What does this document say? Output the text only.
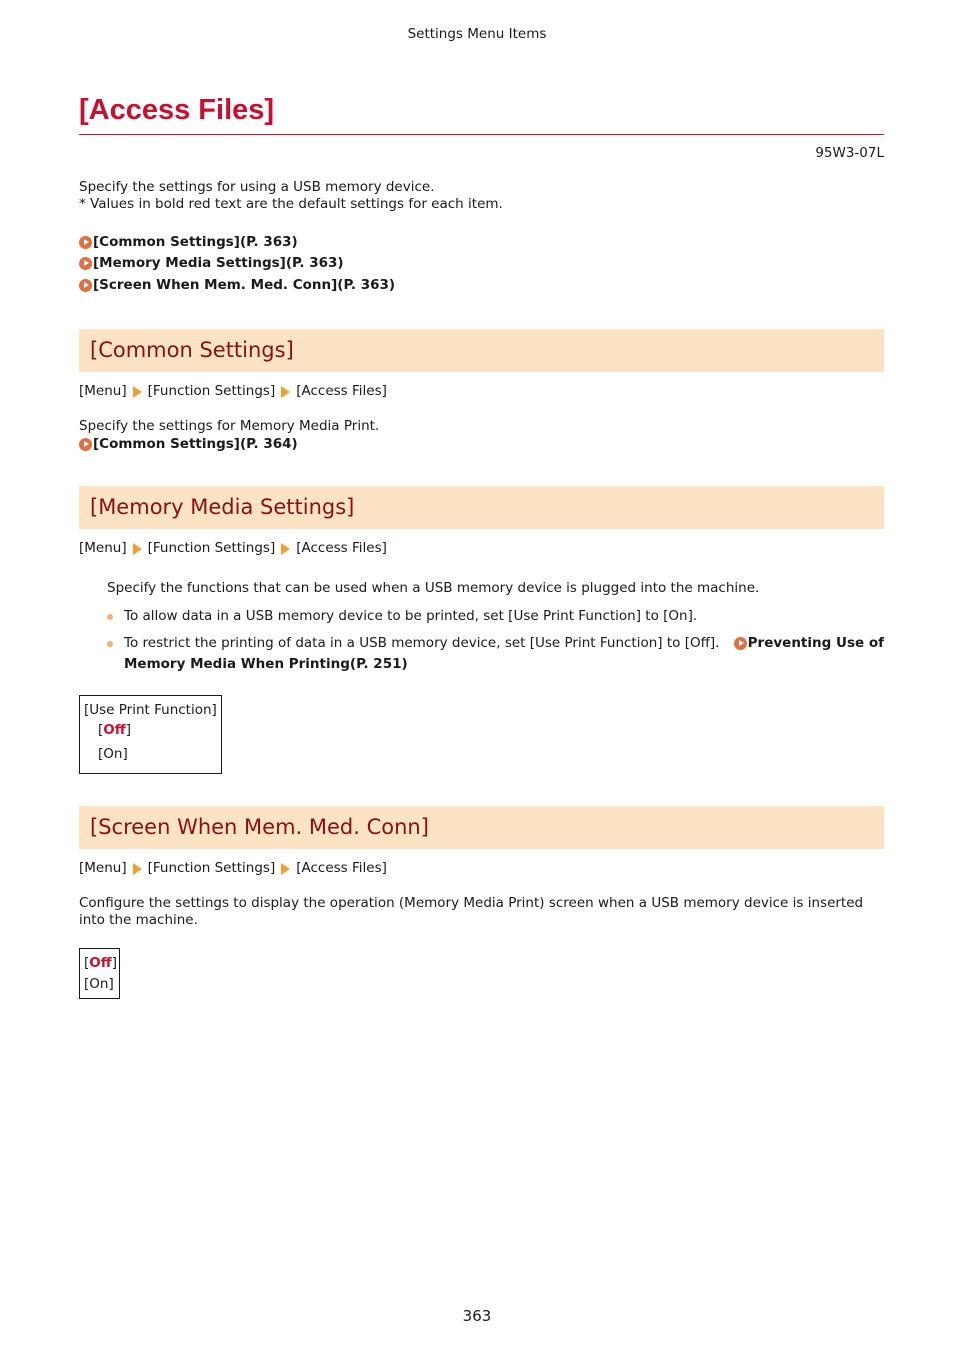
Settings Menu Items
[Access Files]
95W3-07L
Specify the settings for using a USB memory device.
* Values in bold red text are the default settings for each item.
[Common Settings](P. 363)
[Memory Media Settings](P. 363)
[Screen When Mem. Med. Conn](P. 363)
[Common Settings]
[Menu] [Function Settings] [Access Files]
Specify the settings for Memory Media Print.
[Common Settings](P. 364)
[Memory Media Settings]
[Menu] [Function Settings] [Access Files]
Specify the functions that can be used when a USB memory device is plugged into the machine.
To allow data in a USB memory device to be printed, set [Use Print Function] to [On].
To restrict the printing of data in a USB memory device, set [Use Print Function] to [Off]. Preventing Use of
Memory Media When Printing(P. 251)
[Use Print Function]
[Off]
[On]
[Screen When Mem. Med. Conn]
[Menu] [Function Settings] [Access Files]
Configure the settings to display the operation (Memory Media Print) screen when a USB memory device is inserted
into the machine.
[Off]
[On]
363
